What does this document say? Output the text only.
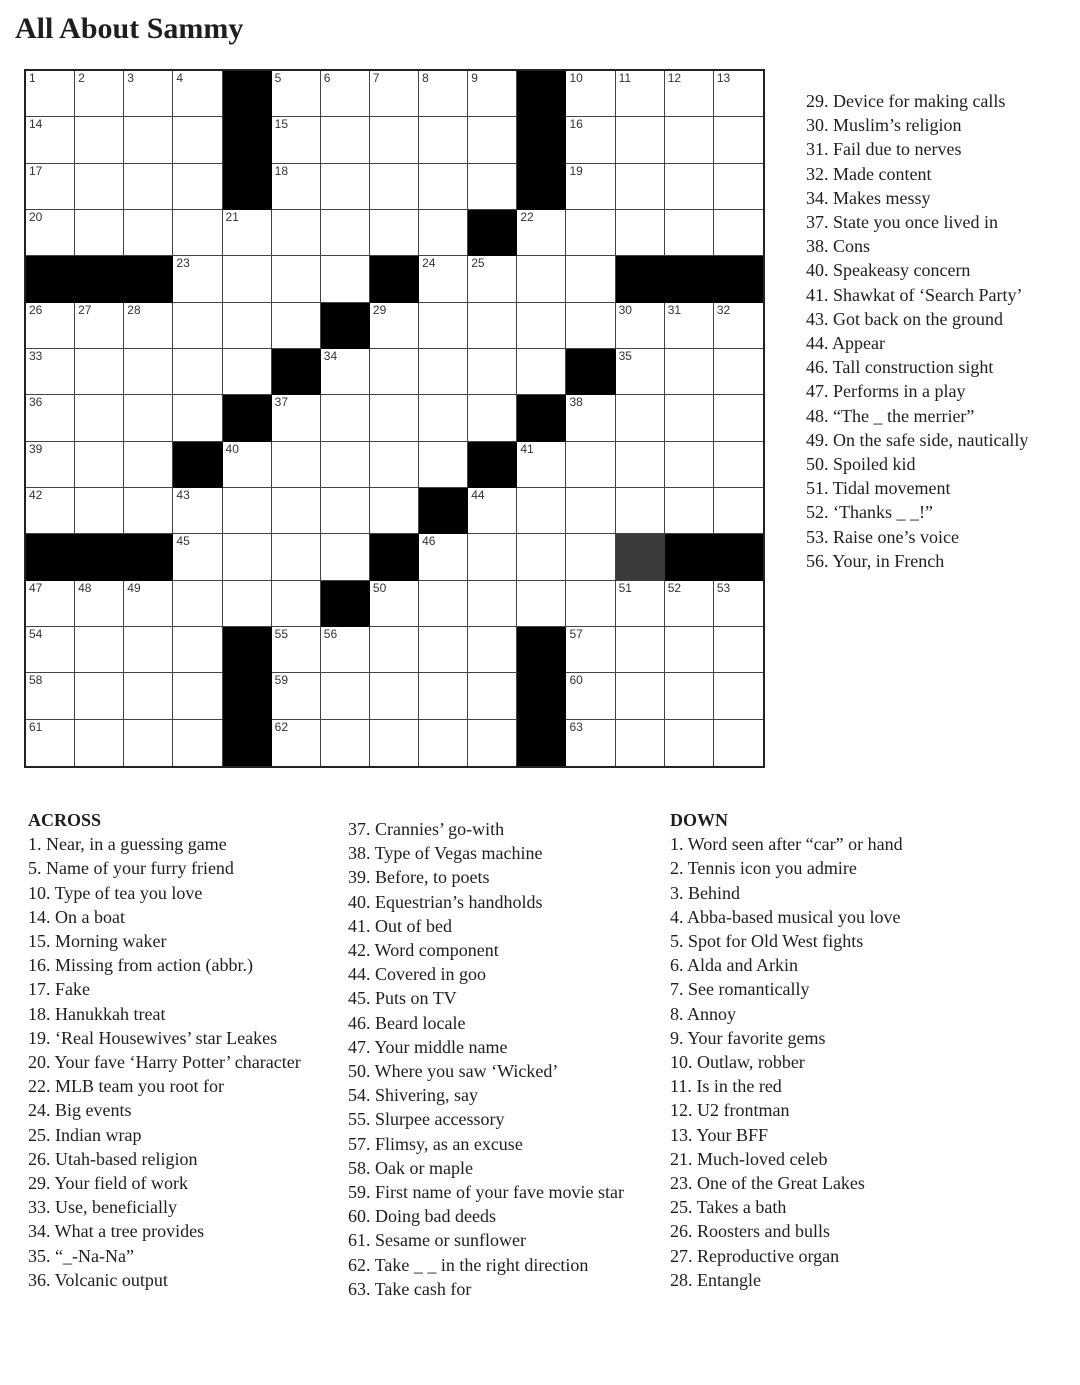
All About Sammy
1	2	3	4	5	6	7	8	9	10	11	12	13
14	15	16
17	18	19
20	21	22
23	24	25
26	27	28	29	30	31	32
33	34	35
36	37	38
39	40	41
42	43	44
45	46
47	48	49	50	51	52	53
54	55	56	57
58	59	60
61	62	63
29. Device for making calls
30. Muslim’s religion
31. Fail due to nerves
32. Made content
34. Makes messy
37. State you once lived in
38. Cons
40. Speakeasy concern
41. Shawkat of ‘Search Party’
43. Got back on the ground
44. Appear
46. Tall construction sight
47. Performs in a play
48. “The _ the merrier”
49. On the safe side, nautically
50. Spoiled kid
51. Tidal movement
52. ‘Thanks _ _!”
53. Raise one’s voice
56. Your, in French
ACROSS
1. Near, in a guessing game
5. Name of your furry friend
10. Type of tea you love
14. On a boat
15. Morning waker
16. Missing from action (abbr.)
17. Fake
18. Hanukkah treat
19. ‘Real Housewives’ star Leakes
20. Your fave ‘Harry Potter’ character
22. MLB team you root for
24. Big events
25. Indian wrap
26. Utah-based religion
29. Your field of work
33. Use, beneficially
34. What a tree provides
35. “_-Na-Na”
36. Volcanic output
37. Crannies’ go-with
38. Type of Vegas machine
39. Before, to poets
40. Equestrian’s handholds
41. Out of bed
42. Word component
44. Covered in goo
45. Puts on TV
46. Beard locale
47. Your middle name
50. Where you saw ‘Wicked’
54. Shivering, say
55. Slurpee accessory
57. Flimsy, as an excuse
58. Oak or maple
59. First name of your fave movie star
60. Doing bad deeds
61. Sesame or sunflower
62. Take _ _ in the right direction
63. Take cash for
DOWN
1. Word seen after “car” or hand
2. Tennis icon you admire
3. Behind
4. Abba-based musical you love
5. Spot for Old West fights
6. Alda and Arkin
7. See romantically
8. Annoy
9. Your favorite gems
10. Outlaw, robber
11. Is in the red
12. U2 frontman
13. Your BFF
21. Much-loved celeb
23. One of the Great Lakes
25. Takes a bath
26. Roosters and bulls
27. Reproductive organ
28. Entangle
